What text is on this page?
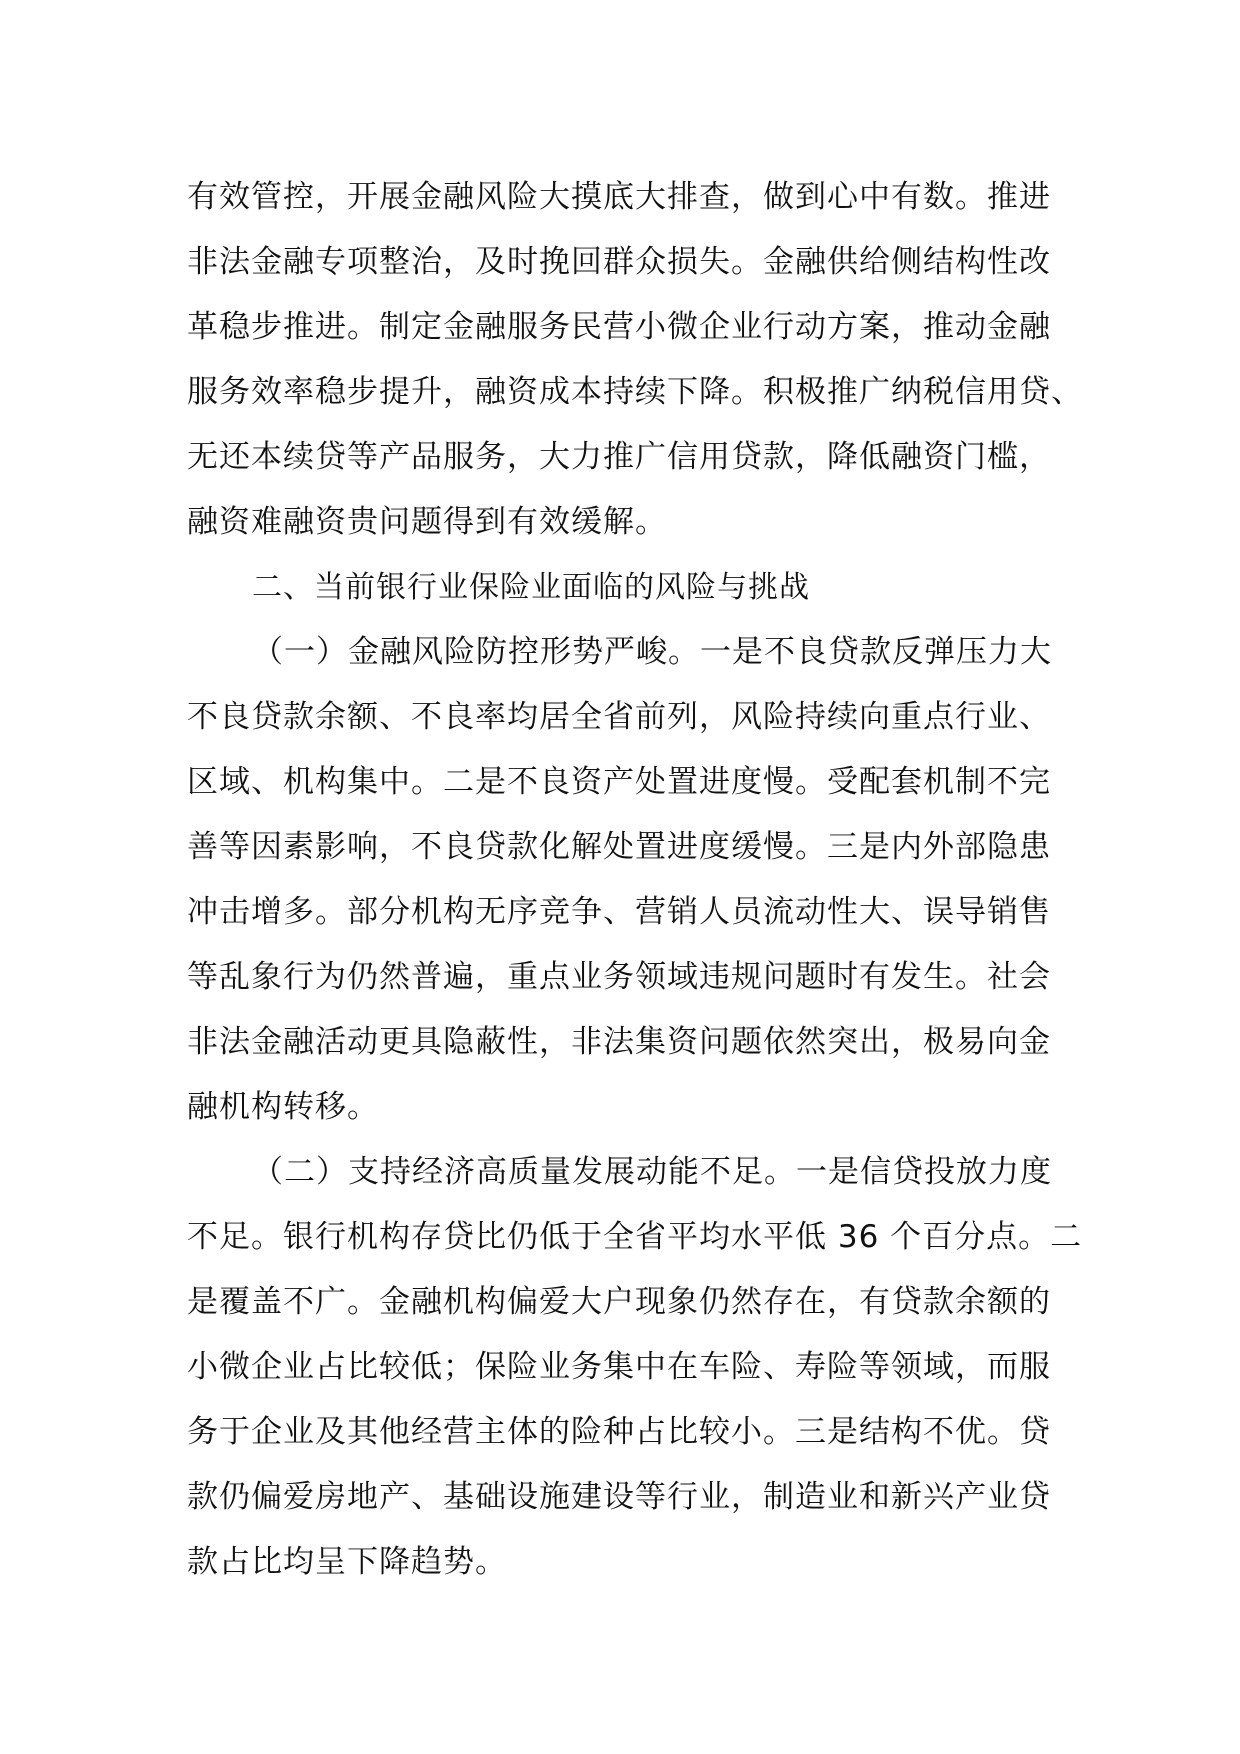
有效管控，开展金融风险大摸底大排查，做到心中有数。推进
非法金融专项整治，及时挽回群众损失。金融供给侧结构性改
革稳步推进。制定金融服务民营小微企业行动方案，推动金融
服务效率稳步提升，融资成本持续下降。积极推广纳税信用贷、
无还本续贷等产品服务，大力推广信用贷款，降低融资门槛，
融资难融资贵问题得到有效缓解。
二、当前银行业保险业面临的风险与挑战
（一）金融风险防控形势严峻。一是不良贷款反弹压力大
不良贷款余额、不良率均居全省前列，风险持续向重点行业、
区域、机构集中。二是不良资产处置进度慢。受配套机制不完
善等因素影响，不良贷款化解处置进度缓慢。三是内外部隐患
冲击增多。部分机构无序竞争、营销人员流动性大、误导销售
等乱象行为仍然普遍，重点业务领域违规问题时有发生。社会
非法金融活动更具隐蔽性，非法集资问题依然突出，极易向金
融机构转移。
（二）支持经济高质量发展动能不足。一是信贷投放力度
不足。银行机构存贷比仍低于全省平均水平低 36 个百分点。二
是覆盖不广。金融机构偏爱大户现象仍然存在，有贷款余额的
小微企业占比较低；保险业务集中在车险、寿险等领域，而服
务于企业及其他经营主体的险种占比较小。三是结构不优。贷
款仍偏爱房地产、基础设施建设等行业，制造业和新兴产业贷
款占比均呈下降趋势。
